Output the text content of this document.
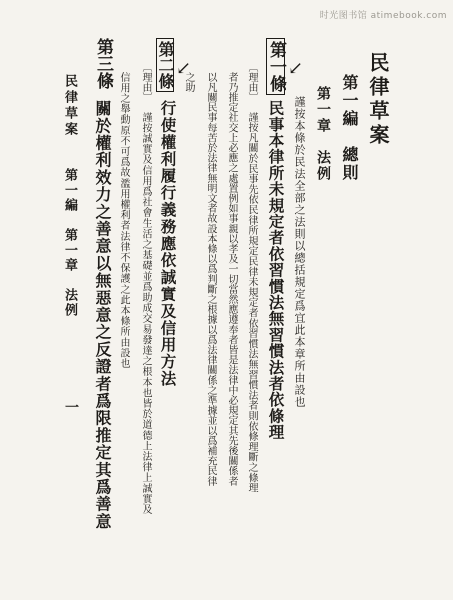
时光图书馆 atimebook.com
民律草案
第一編　總則
第一章　法例
謹按本條於民法全部之法則以總括規定爲宜此本章所由設也
第一條
民事本律所未規定者依習慣法無習慣法者依條理
〔理由〕
謹按凡關於民事先依民律所規定民律未規定者依習慣法無習慣法者則依條理斷之條理
者乃推定社交上必應之處置例如事親以孝及一切當然應遵奉者皆是法律中必規定其先後關係者
以凡關民事每苦於法律無明文者故設本條以爲判斷之根據以爲法律關係之準據並以爲補充民律
之助
第二條
行使權利履行義務應依誠實及信用方法
〔理由〕
謹按誠實及信用爲社會生活之基礎並爲助成交易發達之根本也皆於道德上法律上誠實及
信用之舉動原不可爲故濫用權利者法律不保護之此本條所由設也
第三條
關於權利效力之善意以無惡意之反證者爲限推定其爲善意
民律草案
第一編　第一章　法例
一
↙
↙
